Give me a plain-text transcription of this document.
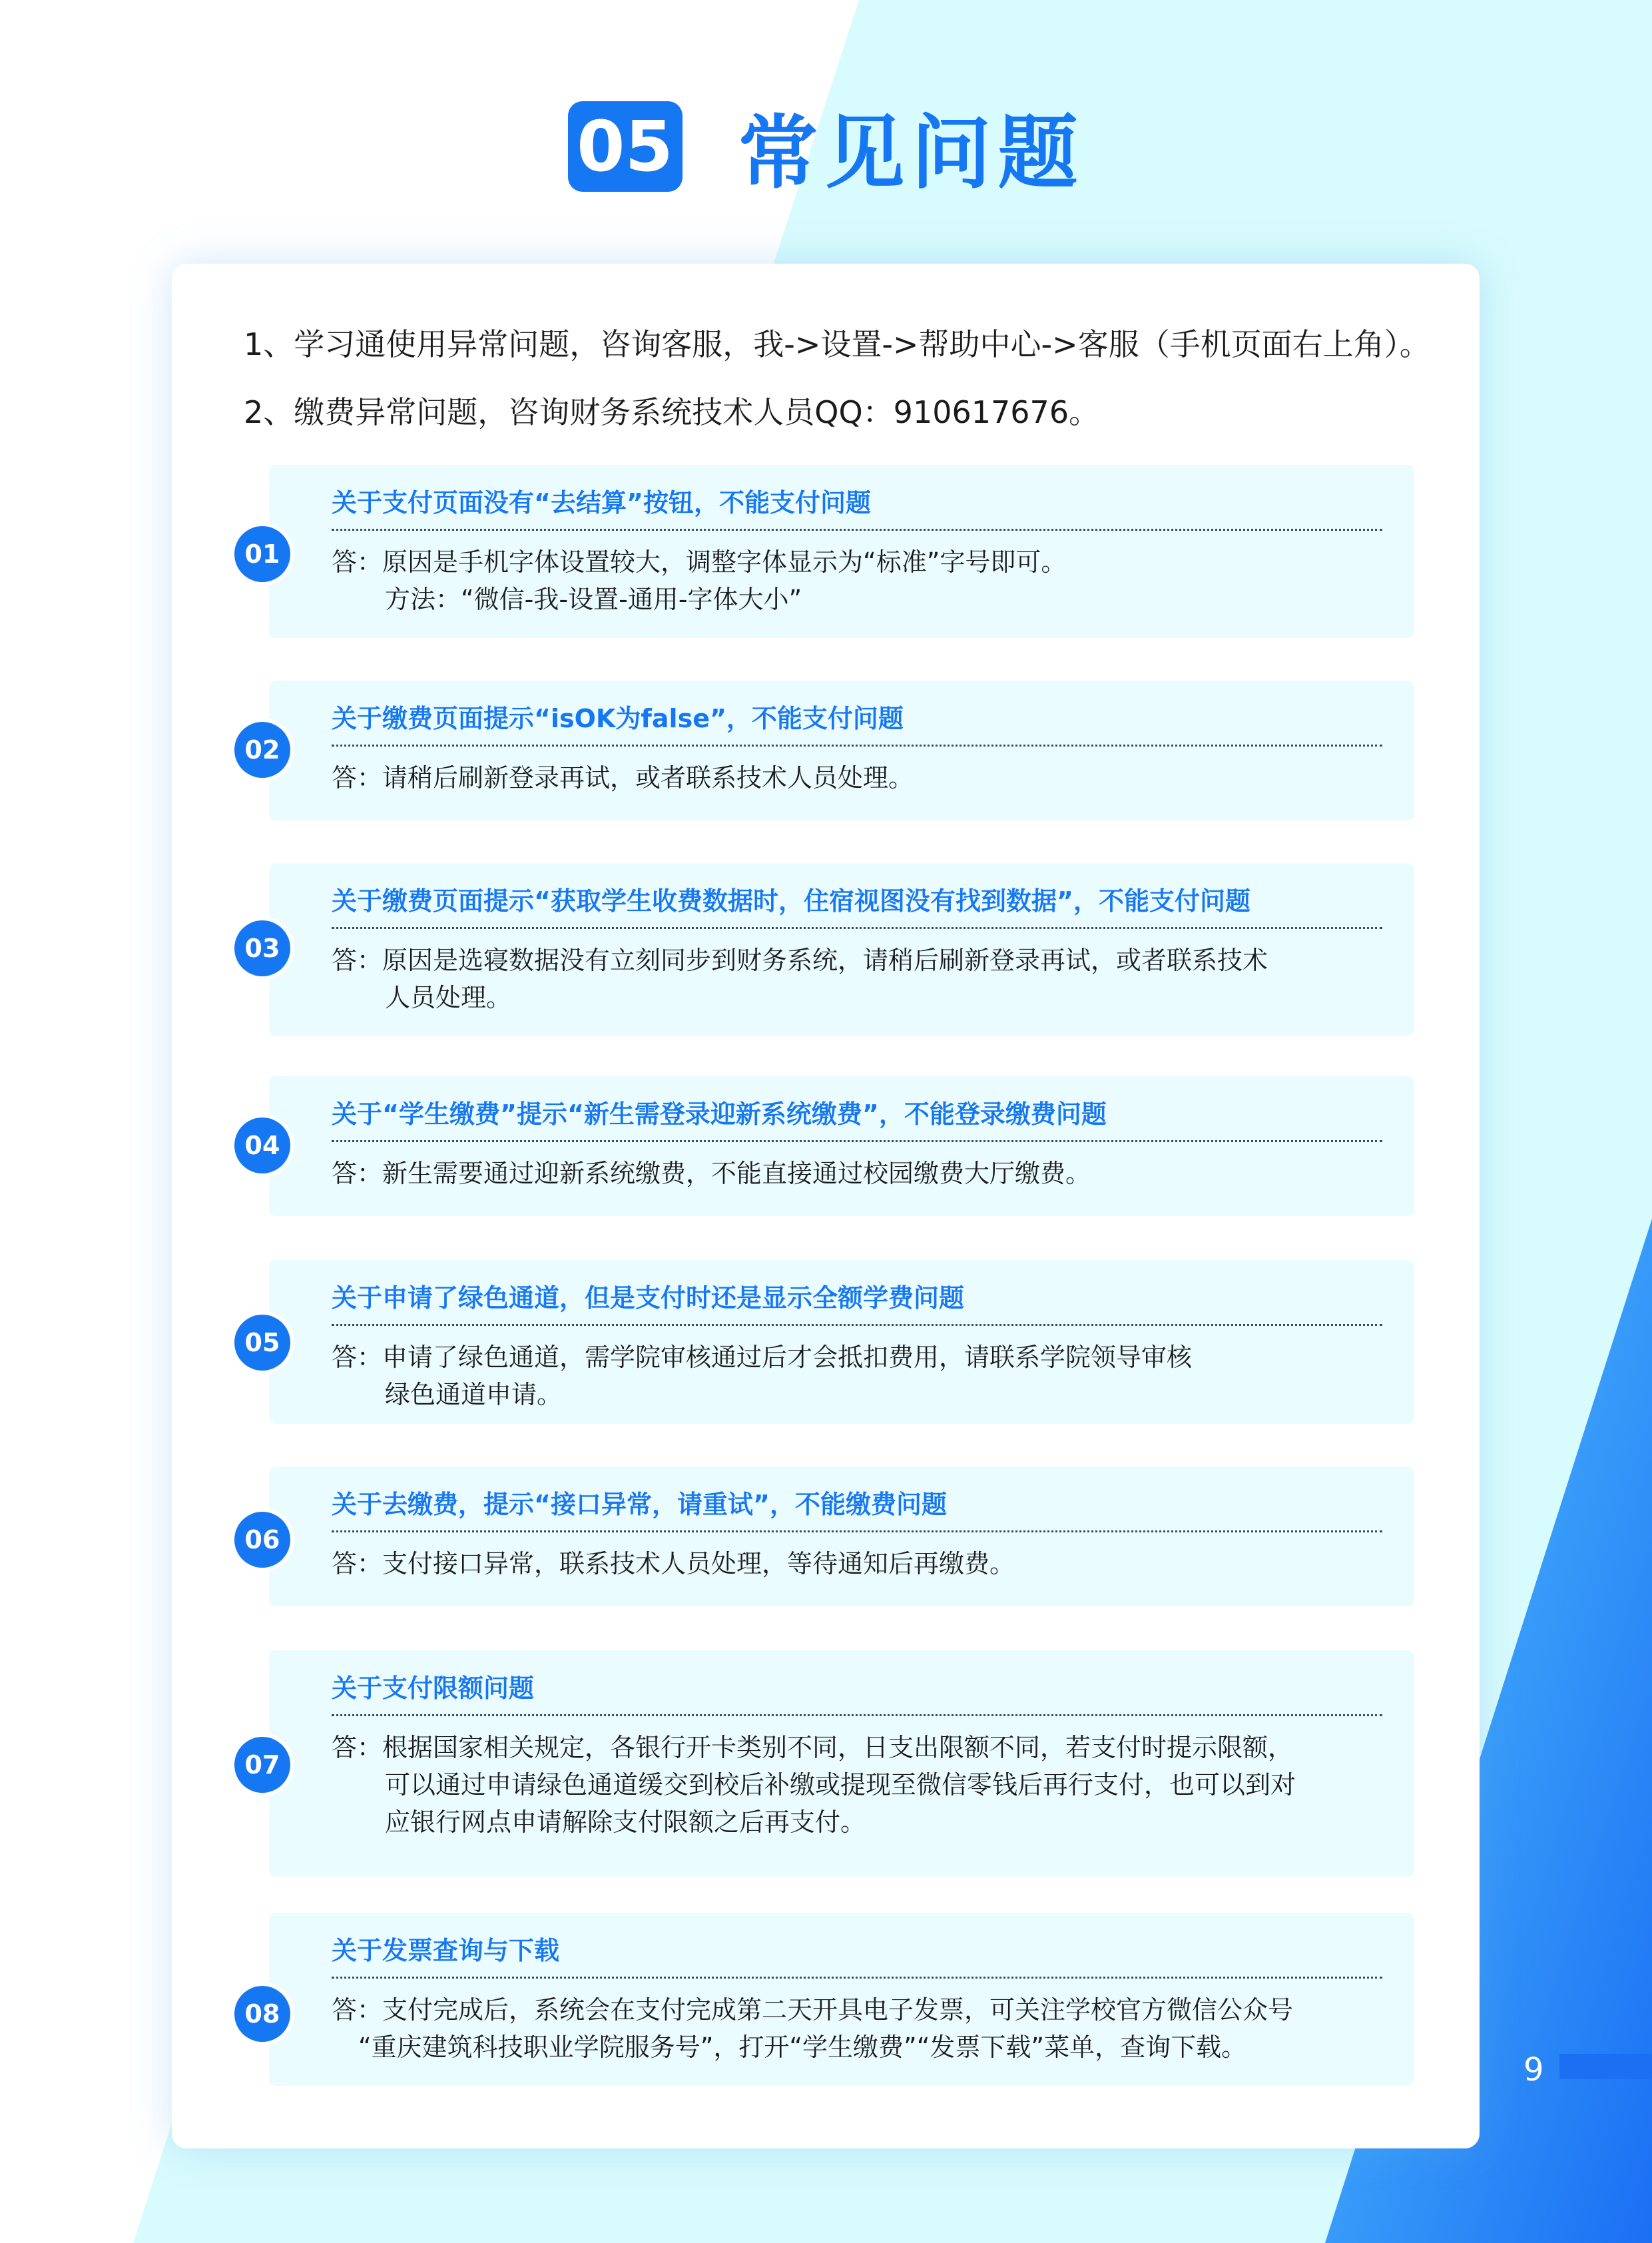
05 常见问题
1、学习通使用异常问题，咨询客服，我->设置->帮助中心->客服（手机页面右上角）。
2、缴费异常问题，咨询财务系统技术人员QQ：910617676。
01
关于支付页面没有“去结算”按钮，不能支付问题
答：原因是手机字体设置较大，调整字体显示为“标准”字号即可。
方法：“微信-我-设置-通用-字体大小”
02
关于缴费页面提示“isOK为false”，不能支付问题
答：请稍后刷新登录再试，或者联系技术人员处理。
03
关于缴费页面提示“获取学生收费数据时，住宿视图没有找到数据”，不能支付问题
答：原因是选寝数据没有立刻同步到财务系统，请稍后刷新登录再试，或者联系技术
人员处理。
04
关于“学生缴费”提示“新生需登录迎新系统缴费”，不能登录缴费问题
答：新生需要通过迎新系统缴费，不能直接通过校园缴费大厅缴费。
05
关于申请了绿色通道，但是支付时还是显示全额学费问题
答：申请了绿色通道，需学院审核通过后才会抵扣费用，请联系学院领导审核
绿色通道申请。
06
关于去缴费，提示“接口异常，请重试”，不能缴费问题
答：支付接口异常，联系技术人员处理，等待通知后再缴费。
07
关于支付限额问题
答：根据国家相关规定，各银行开卡类别不同，日支出限额不同，若支付时提示限额，
可以通过申请绿色通道缓交到校后补缴或提现至微信零钱后再行支付，也可以到对
应银行网点申请解除支付限额之后再支付。
08
关于发票查询与下载
答：支付完成后，系统会在支付完成第二天开具电子发票，可关注学校官方微信公众号
“重庆建筑科技职业学院服务号”，打开“学生缴费”“发票下载”菜单，查询下载。
9
